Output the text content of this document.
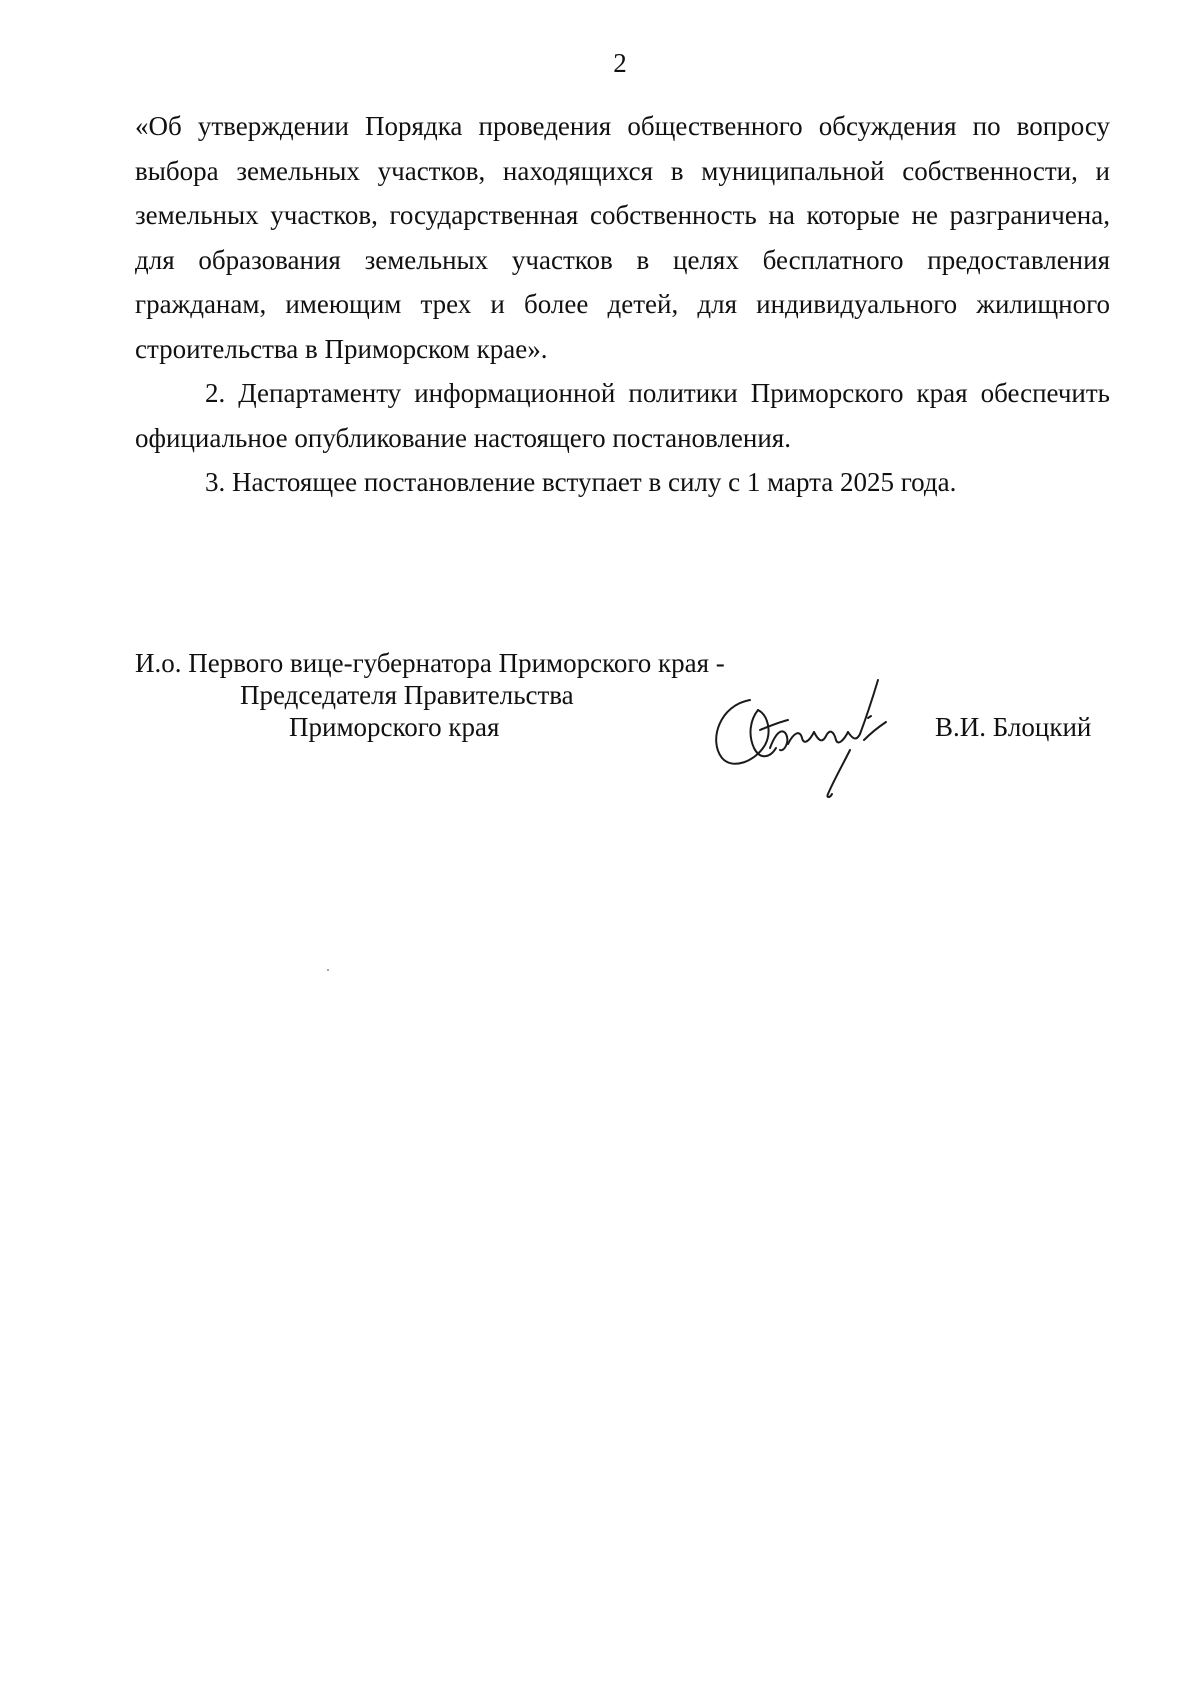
2

«Об утверждении Порядка проведения общественного обсуждения по вопросу выбора земельных участков, находящихся в муниципальной собственности, и земельных участков, государственная собственность на которые не разграничена, для образования земельных участков в целях бесплатного предоставления гражданам, имеющим трех и более детей, для индивидуального жилищного строительства в Приморском крае».

2. Департаменту информационной политики Приморского края обеспечить официальное опубликование настоящего постановления.

3. Настоящее постановление вступает в силу с 1 марта 2025 года.

И.о. Первого вице-губернатора Приморского края -
Председателя Правительства
Приморского края	В.И. Блоцкий
